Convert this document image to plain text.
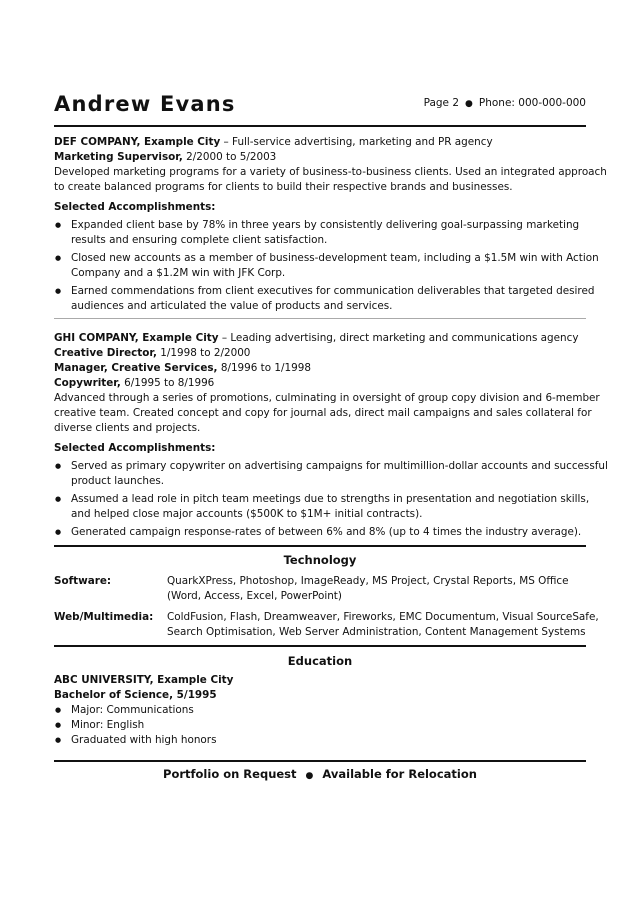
Andrew Evans	Page 2 ● Phone: 000-000-000
DEF COMPANY, Example City – Full-service advertising, marketing and PR agency
Marketing Supervisor, 2/2000 to 5/2003
Developed marketing programs for a variety of business-to-business clients. Used an integrated approach
to create balanced programs for clients to build their respective brands and businesses.
Selected Accomplishments:
● Expanded client base by 78% in three years by consistently delivering goal-surpassing marketing
results and ensuring complete client satisfaction.
● Closed new accounts as a member of business-development team, including a $1.5M win with Action
Company and a $1.2M win with JFK Corp.
● Earned commendations from client executives for communication deliverables that targeted desired
audiences and articulated the value of products and services.
GHI COMPANY, Example City – Leading advertising, direct marketing and communications agency
Creative Director, 1/1998 to 2/2000
Manager, Creative Services, 8/1996 to 1/1998
Copywriter, 6/1995 to 8/1996
Advanced through a series of promotions, culminating in oversight of group copy division and 6-member
creative team. Created concept and copy for journal ads, direct mail campaigns and sales collateral for
diverse clients and projects.
Selected Accomplishments:
● Served as primary copywriter on advertising campaigns for multimillion-dollar accounts and successful
product launches.
● Assumed a lead role in pitch team meetings due to strengths in presentation and negotiation skills,
and helped close major accounts ($500K to $1M+ initial contracts).
● Generated campaign response-rates of between 6% and 8% (up to 4 times the industry average).
Technology
Software:	QuarkXPress, Photoshop, ImageReady, MS Project, Crystal Reports, MS Office
(Word, Access, Excel, PowerPoint)
Web/Multimedia: ColdFusion, Flash, Dreamweaver, Fireworks, EMC Documentum, Visual SourceSafe,
Search Optimisation, Web Server Administration, Content Management Systems
Education
ABC UNIVERSITY, Example City
Bachelor of Science, 5/1995
● Major: Communications
● Minor: English
● Graduated with high honors
Portfolio on Request ● Available for Relocation
